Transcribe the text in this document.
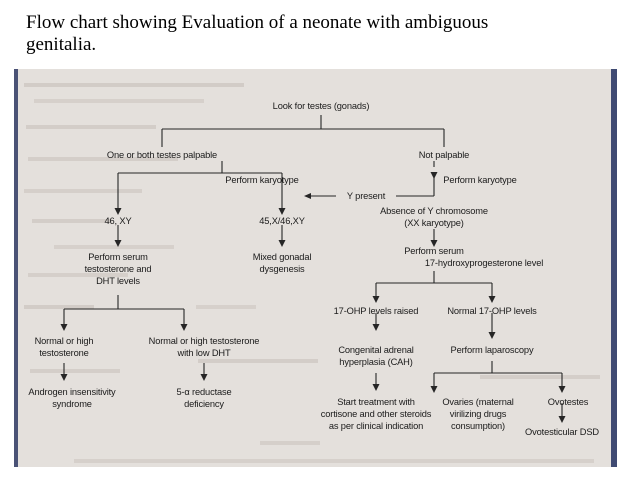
Flow chart showing Evaluation of a neonate with ambiguous
genitalia.
Look for testes (gonads)
One or both testes palpable	Not palpable
Perform karyotype	Perform karyotype
Y present
Absence of Y chromosome
(XX karyotype)
46, XY	45,X/46,XY
Perform serum
testosterone and
DHT levels
Mixed gonadal
dysgenesis
Perform serum
17-hydroxyprogesterone level
17-OHP levels raised	Normal 17-OHP levels
Normal or high
testosterone
Normal or high testosterone
with low DHT	Congenital adrenal
hyperplasia (CAH)
Perform laparoscopy
Androgen insensitivity
syndrome
5-α reductase
deficiency	Start treatment with
cortisone and other steroids
as per clinical indication
Ovaries (maternal
virilizing drugs
consumption)
Ovotestes
Ovotesticular DSD
